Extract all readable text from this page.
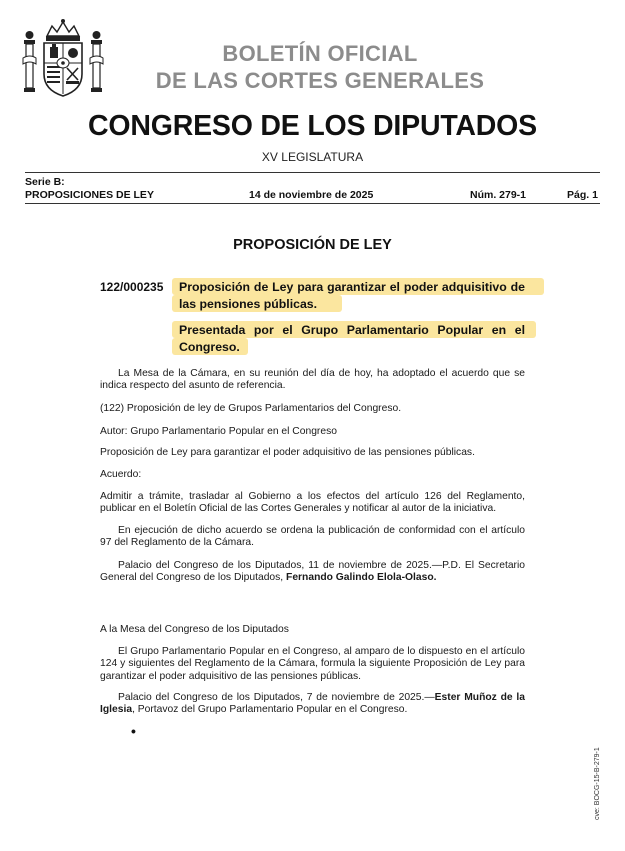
BOLETÍN OFICIAL
DE LAS CORTES GENERALES
CONGRESO DE LOS DIPUTADOS
XV LEGISLATURA
Serie B:
PROPOSICIONES DE LEY	14 de noviembre de 2025	Núm. 279-1	Pág. 1
PROPOSICIÓN DE LEY
122/000235 Proposición de Ley para garantizar el poder adquisitivo de las pensiones públicas.
Presentada por el Grupo Parlamentario Popular en el Congreso.
La Mesa de la Cámara, en su reunión del día de hoy, ha adoptado el acuerdo que se indica respecto del asunto de referencia.
(122) Proposición de ley de Grupos Parlamentarios del Congreso.
Autor: Grupo Parlamentario Popular en el Congreso
Proposición de Ley para garantizar el poder adquisitivo de las pensiones públicas.
Acuerdo:
Admitir a trámite, trasladar al Gobierno a los efectos del artículo 126 del Reglamento, publicar en el Boletín Oficial de las Cortes Generales y notificar al autor de la iniciativa.
En ejecución de dicho acuerdo se ordena la publicación de conformidad con el artículo 97 del Reglamento de la Cámara.
Palacio del Congreso de los Diputados, 11 de noviembre de 2025.—P.D. El Secretario General del Congreso de los Diputados, Fernando Galindo Elola-Olaso.
A la Mesa del Congreso de los Diputados
El Grupo Parlamentario Popular en el Congreso, al amparo de lo dispuesto en el artículo 124 y siguientes del Reglamento de la Cámara, formula la siguiente Proposición de Ley para garantizar el poder adquisitivo de las pensiones públicas.
Palacio del Congreso de los Diputados, 7 de noviembre de 2025.—Ester Muñoz de la Iglesia, Portavoz del Grupo Parlamentario Popular en el Congreso.
•
cve: BOCG-15-B-279-1
